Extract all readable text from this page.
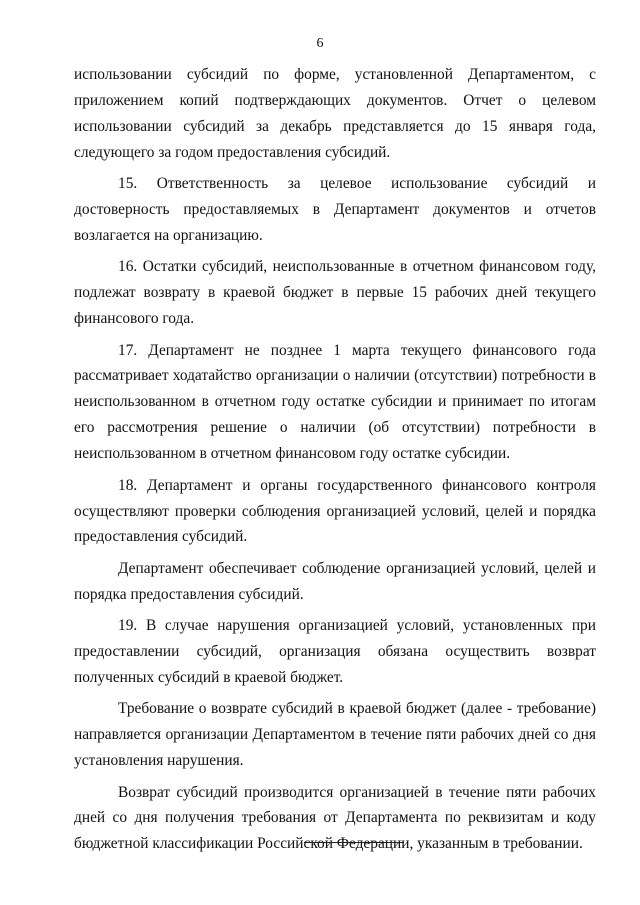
6

использовании субсидий по форме, установленной Департаментом, с приложением копий подтверждающих документов. Отчет о целевом использовании субсидий за декабрь представляется до 15 января года, следующего за годом предоставления субсидий.

15. Ответственность за целевое использование субсидий и достоверность предоставляемых в Департамент документов и отчетов возлагается на организацию.

16. Остатки субсидий, неиспользованные в отчетном финансовом году, подлежат возврату в краевой бюджет в первые 15 рабочих дней текущего финансового года.

17. Департамент не позднее 1 марта текущего финансового года рассматривает ходатайство организации о наличии (отсутствии) потребности в неиспользованном в отчетном году остатке субсидии и принимает по итогам его рассмотрения решение о наличии (об отсутствии) потребности в неиспользованном в отчетном финансовом году остатке субсидии.

18. Департамент и органы государственного финансового контроля осуществляют проверки соблюдения организацией условий, целей и порядка предоставления субсидий.

Департамент обеспечивает соблюдение организацией условий, целей и порядка предоставления субсидий.

19. В случае нарушения организацией условий, установленных при предоставлении субсидий, организация обязана осуществить возврат полученных субсидий в краевой бюджет.

Требование о возврате субсидий в краевой бюджет (далее - требование) направляется организации Департаментом в течение пяти рабочих дней со дня установления нарушения.

Возврат субсидий производится организацией в течение пяти рабочих дней со дня получения требования от Департамента по реквизитам и коду бюджетной классификации Российской Федерации, указанным в требовании.
